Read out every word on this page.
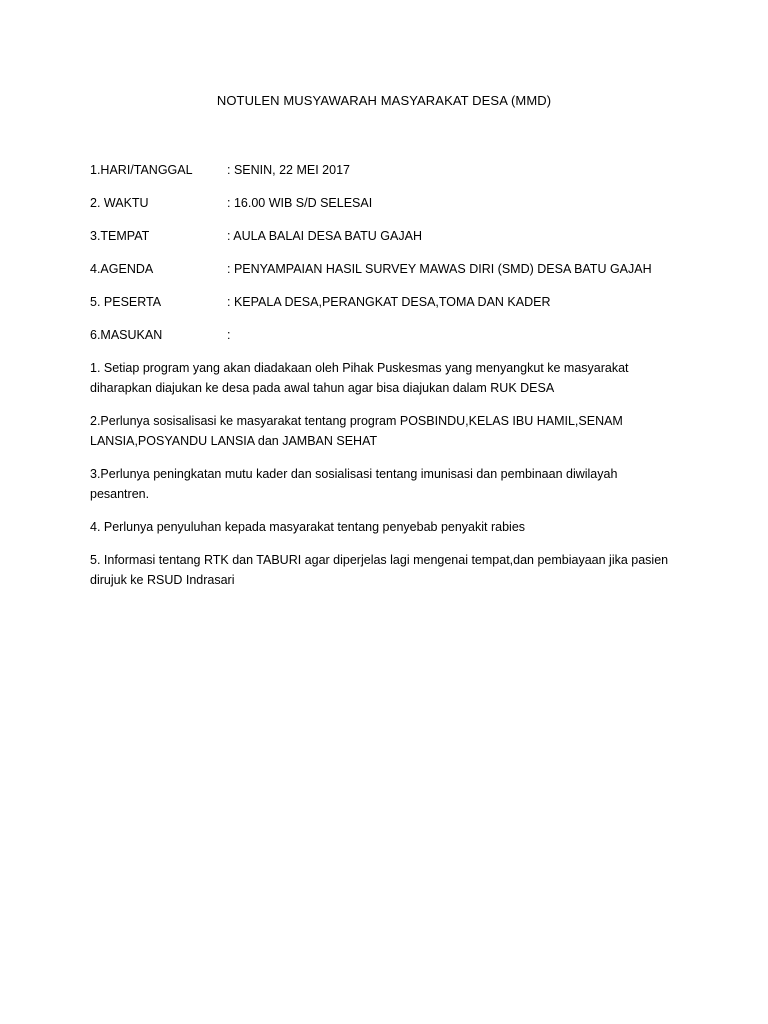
NOTULEN MUSYAWARAH MASYARAKAT DESA (MMD)
1.HARI/TANGGAL	: SENIN, 22 MEI 2017
2. WAKTU	: 16.00 WIB S/D SELESAI
3.TEMPAT	: AULA BALAI DESA BATU GAJAH
4.AGENDA	: PENYAMPAIAN HASIL SURVEY MAWAS DIRI (SMD) DESA BATU GAJAH
5. PESERTA	: KEPALA DESA,PERANGKAT DESA,TOMA DAN KADER
6.MASUKAN	:

1. Setiap program yang akan diadakaan oleh Pihak Puskesmas yang menyangkut ke masyarakat
diharapkan diajukan ke desa pada awal tahun agar bisa diajukan dalam RUK DESA

2.Perlunya sosisalisasi ke masyarakat tentang program POSBINDU,KELAS IBU HAMIL,SENAM
LANSIA,POSYANDU LANSIA dan JAMBAN SEHAT

3.Perlunya peningkatan mutu kader dan sosialisasi tentang imunisasi dan pembinaan diwilayah
pesantren.

4. Perlunya penyuluhan kepada masyarakat tentang penyebab penyakit rabies

5. Informasi tentang RTK dan TABURI agar diperjelas lagi mengenai tempat,dan pembiayaan jika pasien
dirujuk ke RSUD Indrasari
